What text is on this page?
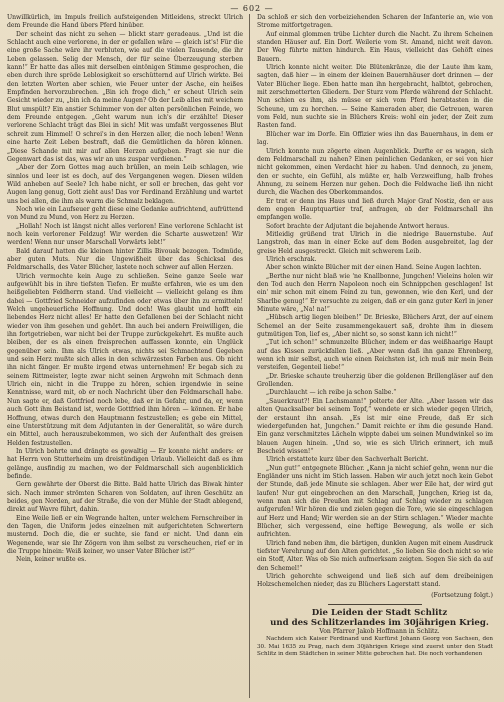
— 602 —

Unwillkürlich, im Impuls freilich aufsteigenden Mitleidens, streckt Ulrich dem Freunde die Hand übers Pferd hinüber.

Der scheint das nicht zu sehen — blickt starr geradeaus. „Und ist die Schlacht auch eine verlorene, in der er gefallen wäre — gleich ist's! Für die eine große Sache wäre ihr verbluten, wie auf die vielen Tausende, die ihr Leben gelassen. Selig der Mensch, der für seine Überzeugung sterben kann!“ Er hatte das alles mit derselben eintönigen Stimme gesprochen, die eben durch ihre spröde Leblosigkeit so erschütternd auf Ulrich wirkte. Bei den letzten Worten aber schien, wie Feuer unter der Asche, ein heißes Empfinden hervorzubrechen. „Bin ich froge dich,“ er scheut Ulrich sein Gesicht wieder zu, „bin ich da meine Augen? Ob der Leib alles mit weichem Blut umspült? Ein anstier Schimmer von der alten persönlichen Feinde, wo dem Freunde entgegen. „Geht warum nun ich's dir erzählte! Dieser verlorene Schlacht trägt das Blei in sich! Mit was umfaßt vergossenes Blut schreit zum Himmel! O schrei's in den Herzen aller, die noch leben! Wenn eine harte Zeit Leben bestraft, daß die Gemütlichen da hören können. „Diese Schande mit mir auf allen Herzen aufgeben. Fragt sie nur die Gegenwart das ist das, was wir an uns zuspar verdienen.“

„Aber der Zorn Gottes mag auch brüllen, an mein Leib schlagen, wie sinnlos und leer ist es doch, auf des Vergangenen wegen. Diesen wilden Wild anheben auf Seele? Ich habe nicht, er soll er brechen, das geht vor Augen lang genug, Gott zieht aus! Das vor Ferdinand Erzählung und wartet uns bei allen, die ihm als warm die Schmalz beklagen.

Noch wie ein Laufseuer geht diese eine Gedanke aufrichtend, aufrüttend von Mund zu Mund, von Herz zu Herzen.

„Hollah! Noch ist längst nicht alles verloren! Eine verlorene Schlacht ist noch kein verlorener Feldzug! Wir werden die Scharte auswetzen! Wir werden! Wenn nur unser Marschall Vorwärts lebt!“

Bald darauf hatten die kleinen hinter Zillis Bivouak bezogen. Todmüde, aber guten Muts. Nur die Ungewißheit über das Schicksal des Feldmarschalls, des Vater Blücher, lastete noch schwer auf allen Herzen.

Ulrich vermochte kein Auge zu schließen. Seine ganze Seele war aufgewühlt bis in ihre tiefsten Tiefen. Er mußte erfahren, wie es um den heißgeliebten Feldherrn stand. Und vielleicht — vielleicht gelang es ihm dabei — Gottfried Schneider aufzufinden oder etwas über ihn zu ermitteln! Welch ungeheuerliche Hoffnung. Und doch! Was glaubt und hofft ein liebendes Herz nicht alles! Er hatte den Gefallenen bei der Schlacht nicht wieder von ihm gesehen und gehört. Ihn auch bei andern Freiwilligen, die ihn fortgetrieben, war nicht bei der Truppe zurückgekehrt. Es mußte auch bleiben, der es als einen freisprechen auffassen konnte, ein Unglück gegenüber sein. Ihm als Ulrich etwas, nichts sei Schmachtend Gegeben und sein Herz mußte sich alles in den schwärzesten Farben aus. Ob nicht ihn nicht fänger. Er mußte irgend etwas unternehmen! Er begab sich zu seinem Rittmeister, legte zwar nicht seinen Argwohn mit Schmach denn Ulrich ein, nicht in die Truppe zu hören, schien irgendwie in seine Kenntnisse, ward mit, ob er noch Nachricht über den Feldmarschall habe. Nun sagte er, daß Gottfried noch lebe, daß er in Gefahr, und da, er, wenn auch Gott ihm Beistand ist, werde Gottfried ihm hören — können. Er habe Hoffnung, etwas durch den Hauptmann festzustellen; es gebe ein Mittel, eine Unterstützung mit dem Adjutanten in der Generalität, so wäre durch ein Mittel, auch herauszubekommen, wo sich der Aufenthalt des greisen Helden festzustellen.

In Ulrich bohrte und drängte es gewaltig — Er konnte nicht anders: er hat Herrn von Stutterheim um dreistündigen Urlaub. Vielleicht daß es ihm gelänge, ausfindig zu machen, wo der Feldmarschall sich augenblicklich befinde.

Gern gewährte der Oberst die Bitte. Bald hatte Ulrich das Biwak hinter sich. Nach immer strömten Scharen von Soldaten, auf ihren Geschütz an beides, gen Norden, auf der Straße, die von der Mühle der Stadt ablegend, direkt auf Wavre führt, dahin.

Eine Weile ließ er ein Wegrande halten, unter welchem Fernschreiber in den Tagen, die Uniform jedes einzelnen mit aufgerichteten Schwertern musternd. Doch die, die er suchte, sie fand er nicht. Und dann ein Wegenende, war sie Ihr Zögern von ihm selbst zu verscheuchen, rief er in die Truppe hinein: Weiß keiner, wo unser Vater Blücher ist?“

Nein, keiner wußte es.

Da schloß er sich den vorbeiziehenden Scharen der Infanterie an, wie von Strome mitfortgetragen.

Auf einmal glommen trübe Lichter durch die Nacht. Zu ihrem Scheinen standen Häuser auf. Ein Dorf. Weilerie vom St. Amand, nicht weit davon. Der Weg führte mitten hindurch. Ein Haus, vielleicht das Gehöft eines Bauern.

Ulrich konnte nicht weiter. Die Blütenkränze, die der Laute ihm kam, sagten, daß hier — in einem der kleinen Bauernhäuser dort drinnen — der Vater Blücher liege. Eben hatte man ihn hergebracht, halbtot, gebrochen, mit zerschmetterten Gliedern. Der Sturz vom Pferde während der Schlacht. Nun schien es ihm, als müsse er sich vom Pferd herabtasten in die Scheune, um zu horchen. — Seine Kameraden aber, die Getreuen, waren vom Feld, nun suchte sie in Blüchers Kreis: wohl ein jeder, der Zeit zum Rasten fand.

Blücher war im Dorfe. Ein Offizier wies ihn das Bauernhaus, in dem er lag.

Ulrich konnte nun zögerte einen Augenblick. Durfte er es wagen, sich dem Feldmarschall zu nahen? Einen peinlichen Gedanken, er sei von hier nicht gekommen, einen Verdacht hier zu haben. Und dennoch, zu jenem, den er suchte, ein Gefühl, als müßte er, halb Verzweiflung, halb frohes Ahnung, zu seinem Herzen nur gehen. Doch die Feldwache ließ ihn nicht durch, die Wachen des Oberkommandos.

Er trat er denn ins Haus und ließ durch Major Graf Nostiz, den er aus dem engen Hauptquartier traf, anfragen, ob der Feldmarschall ihn empfangen wolle.

Sofort brachte der Adjutant die bejahende Antwort heraus.

Mitleidig grüßend trat Ulrich in die niedrige Bauernstube. Auf Langstroh, das man in einer Ecke auf dem Boden ausgebreitet, lag der greise Held ausgestreckt. Gleich mit schwerem Leib.

Ulrich erschrak.

Aber schon winkte Blücher mit der einen Hand. Seine Augen lachten.

„Berthe nur nicht blaß wie 'ne Knallbonne, Jungchen! Vieleins holen wir den Tod auch den Herrn Napoleon noch ein Schnippchen geschlagen! Ist ein' mir schon mit einem Feind zu tun, gewonnen, wie den Kerl, und der Sharlbe genug!“ Er versuchte zu zeigen, daß er ein ganz guter Kerl in jener Minute wäre, „Na! na!“

„Hübsch artig liegen bleiben!“ Dr. Brieske, Blüchers Arzt, der auf einem Schemel an der Seite zusammengekauert saß, drohte ihm in diesem gutmütigen Ton, lief es, „Aber nicht so, so sonst kann ich nicht!“

„Tut ich schon!“ schmunzelte Blücher, indem er das weißhaarige Haupt auf das Kissen zurückfallen ließ. „Aber wenn daß ihn ganze Ehrenberg, wenn ich mir selbst, auch wie einen Reichsten ist, ich muß mir mein Bein versteifen, Gegenteil liebe!“

„Dr. Brieske schaute treuherzig über die goldenen Brillengläser auf den Grollenden.

„Durchlaucht — ich reibe ja schon Salbe.“

„Sauerkraut?! Ein Lachsmann!“ polterte der Alte. „Aber lassen wir das alten Quacksalber bei seinem Topf,“ wendete er sich wieder gegen Ulrich, der erstaunt ihn ansah. „Es ist mir eine Freude, daß Er sich wiedergefunden hat, Jungchen.“ Damit reichte er ihm die gesunde Hand. Ein ganz verschmitztes Lächeln wippte dabei um seinen Mundwinkel so im blauen Augen hinein. „Und so, wie es sich Ulrich erinnert, ich muß Bescheid wissen!“

Ulrich erstattete kurz über den Sachverhalt Bericht.

„Nun gut!“ entgegnete Blücher. „Kann ja nicht schief gehn, wenn nur die Engländer uns nicht im Stich lassen. Haben wir auch jetzt noch kein Gebot der Stunde, daß jede Minute sie schlagen. Aber wer Eile hat, der wird gut laufen! Nur gut eingebrochen an den Marschall, Jungchen, Krieg ist da, wenn man sich die Preußen mit Schlag auf Schlag wieder zu schlagen aufgerufen! Wir hören die und zielen gegen die Tore, wie sie eingeschlagen auf Herz und Hand; Wir werden sie an der Stirn schlagen.“ Wieder machte Blücher, sich vergessend, eine heftige Bewegung, als wolle er sich aufrichten.

Ulrich fand neben ihm, die bärtigen, dunklen Augen mit einem Ausdruck tiefster Verehrung auf den Alten gerichtet. „So lieben Sie doch nicht so wie ein Stoff, Alter. Was ob Sie mich aufmerksam zeigten. Sogen Sie sich da auf den Schemel!“

Ulrich gehorchte schweigend und ließ sich auf dem dreibeinigen Holzschemelchen nieder, das zu Blüchers Lagerstatt stand.

(Fortsetzung folgt.)

Die Leiden der Stadt Schlitz

und des Schlitzerlandes im 30jährigen Krieg.

Von Pfarrer Jakob Hoffmann in Schlitz.

Nachdem sich Kaiser Ferdinand und Kurfürst Johann Georg von Sachsen, den 30. Mai 1635 zu Prag, nach dem 30jährigen Kriege sind zuerst unter den Stadt Schlitz in dem Städtchen in seiner Mitte gebrochen hat. Die noch vorhandenen
